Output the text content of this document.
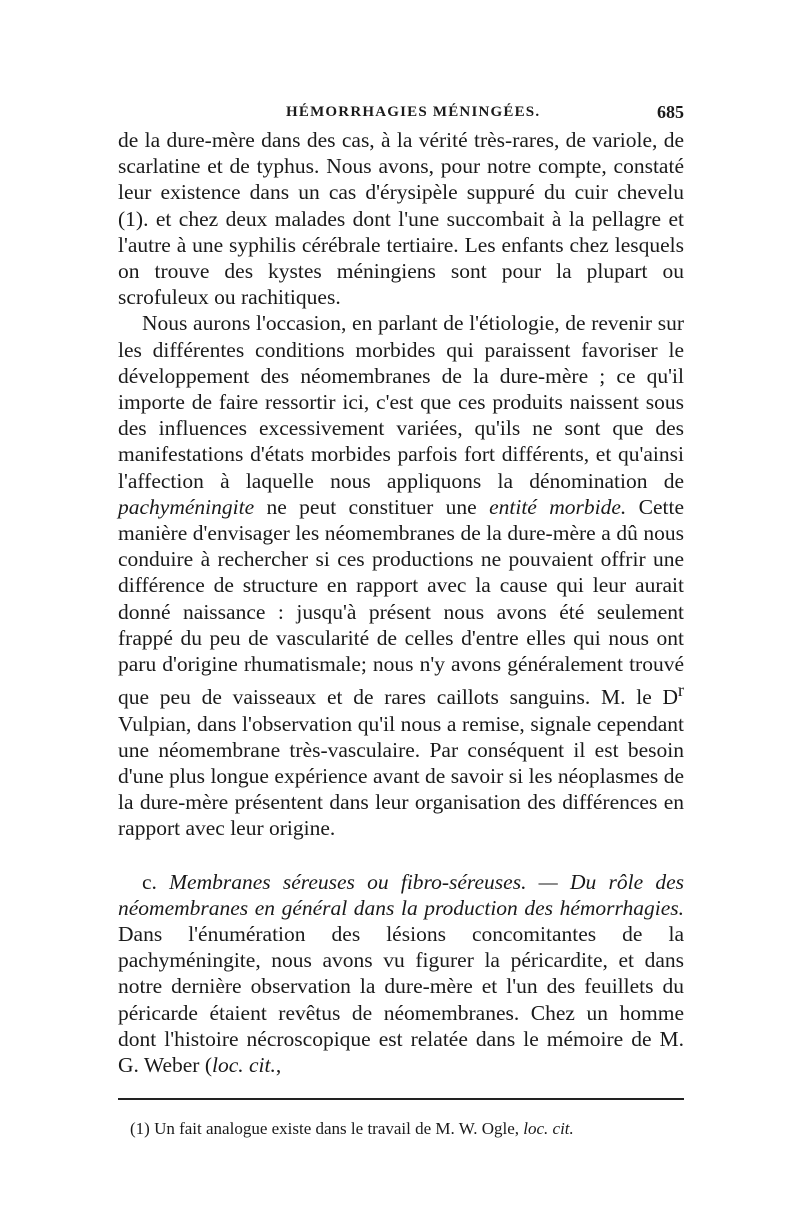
HÉMORRHAGIES MÉNINGÉES.	685

de la dure-mère dans des cas, à la vérité très-rares, de variole, de scarlatine et de typhus. Nous avons, pour notre compte, constaté leur existence dans un cas d'érysipèle suppuré du cuir chevelu (1). et chez deux malades dont l'une succombait à la pellagre et l'autre à une syphilis cérébrale tertiaire. Les enfants chez lesquels on trouve des kystes méningiens sont pour la plupart ou scrofuleux ou rachitiques.

Nous aurons l'occasion, en parlant de l'étiologie, de revenir sur les différentes conditions morbides qui paraissent favoriser le développement des néomembranes de la dure-mère ; ce qu'il importe de faire ressortir ici, c'est que ces produits naissent sous des influences excessivement variées, qu'ils ne sont que des manifestations d'états morbides parfois fort différents, et qu'ainsi l'affection à laquelle nous appliquons la dénomination de pachyméningite ne peut constituer une entité morbide. Cette manière d'envisager les néomembranes de la dure-mère a dû nous conduire à rechercher si ces productions ne pouvaient offrir une différence de structure en rapport avec la cause qui leur aurait donné naissance : jusqu'à présent nous avons été seulement frappé du peu de vascularité de celles d'entre elles qui nous ont paru d'origine rhumatismale; nous n'y avons généralement trouvé que peu de vaisseaux et de rares caillots sanguins. M. le $D^r$ Vulpian, dans l'observation qu'il nous a remise, signale cependant une néomembrane très-vasculaire. Par conséquent il est besoin d'une plus longue expérience avant de savoir si les néoplasmes de la dure-mère présentent dans leur organisation des différences en rapport avec leur origine.

c. Membranes séreuses ou fibro-séreuses. — Du rôle des néomembranes en général dans la production des hémorrhagies. Dans l'énumération des lésions concomitantes de la pachyméningite, nous avons vu figurer la péricardite, et dans notre dernière observation la dure-mère et l'un des feuillets du péricarde étaient revêtus de néomembranes. Chez un homme dont l'histoire nécroscopique est relatée dans le mémoire de M. G. Weber (loc. cit.,

(1) Un fait analogue existe dans le travail de M. W. Ogle, loc. cit.
